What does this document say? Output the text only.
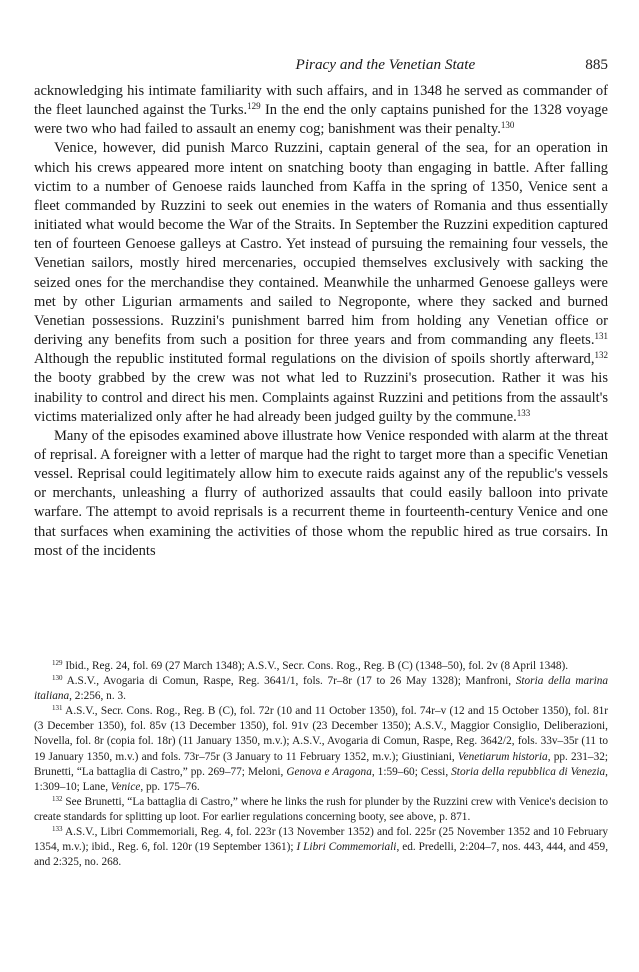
Piracy and the Venetian State	885

acknowledging his intimate familiarity with such affairs, and in 1348 he served as commander of the fleet launched against the Turks.$^{129}$ In the end the only captains punished for the 1328 voyage were two who had failed to assault an enemy cog; banishment was their penalty.$^{130}$

Venice, however, did punish Marco Ruzzini, captain general of the sea, for an operation in which his crews appeared more intent on snatching booty than engaging in battle. After falling victim to a number of Genoese raids launched from Kaffa in the spring of 1350, Venice sent a fleet commanded by Ruzzini to seek out enemies in the waters of Romania and thus essentially initiated what would become the War of the Straits. In September the Ruzzini expedition captured ten of fourteen Genoese galleys at Castro. Yet instead of pursuing the remaining four vessels, the Venetian sailors, mostly hired mercenaries, occupied themselves exclusively with sacking the seized ones for the merchandise they contained. Meanwhile the unharmed Genoese galleys were met by other Ligurian armaments and sailed to Negroponte, where they sacked and burned Venetian possessions. Ruzzini's punishment barred him from holding any Venetian office or deriving any benefits from such a position for three years and from commanding any fleets.$^{131}$ Although the republic instituted formal regulations on the division of spoils shortly afterward,$^{132}$ the booty grabbed by the crew was not what led to Ruzzini's prosecution. Rather it was his inability to control and direct his men. Complaints against Ruzzini and petitions from the assault's victims materialized only after he had already been judged guilty by the commune.$^{133}$

Many of the episodes examined above illustrate how Venice responded with alarm at the threat of reprisal. A foreigner with a letter of marque had the right to target more than a specific Venetian vessel. Reprisal could legitimately allow him to execute raids against any of the republic's vessels or merchants, unleashing a flurry of authorized assaults that could easily balloon into private warfare. The attempt to avoid reprisals is a recurrent theme in fourteenth-century Venice and one that surfaces when examining the activities of those whom the republic hired as true corsairs. In most of the incidents

$^{129}$ Ibid., Reg. 24, fol. 69 (27 March 1348); A.S.V., Secr. Cons. Rog., Reg. B (C) (1348–50), fol. 2v (8 April 1348).

$^{130}$ A.S.V., Avogaria di Comun, Raspe, Reg. 3641/1, fols. 7r–8r (17 to 26 May 1328); Manfroni, Storia della marina italiana, 2:256, n. 3.

$^{131}$ A.S.V., Secr. Cons. Rog., Reg. B (C), fol. 72r (10 and 11 October 1350), fol. 74r–v (12 and 15 October 1350), fol. 81r (3 December 1350), fol. 85v (13 December 1350), fol. 91v (23 December 1350); A.S.V., Maggior Consiglio, Deliberazioni, Novella, fol. 8r (copia fol. 18r) (11 January 1350, m.v.); A.S.V., Avogaria di Comun, Raspe, Reg. 3642/2, fols. 33v–35r (11 to 19 January 1350, m.v.) and fols. 73r–75r (3 January to 11 February 1352, m.v.); Giustiniani, Venetiarum historia, pp. 231–32; Brunetti, “La battaglia di Castro,” pp. 269–77; Meloni, Genova e Aragona, 1:59–60; Cessi, Storia della repubblica di Venezia, 1:309–10; Lane, Venice, pp. 175–76.

$^{132}$ See Brunetti, “La battaglia di Castro,” where he links the rush for plunder by the Ruzzini crew with Venice's decision to create standards for splitting up loot. For earlier regulations concerning booty, see above, p. 871.

$^{133}$ A.S.V., Libri Commemoriali, Reg. 4, fol. 223r (13 November 1352) and fol. 225r (25 November 1352 and 10 February 1354, m.v.); ibid., Reg. 6, fol. 120r (19 September 1361); I Libri Commemoriali, ed. Predelli, 2:204–7, nos. 443, 444, and 459, and 2:325, no. 268.
